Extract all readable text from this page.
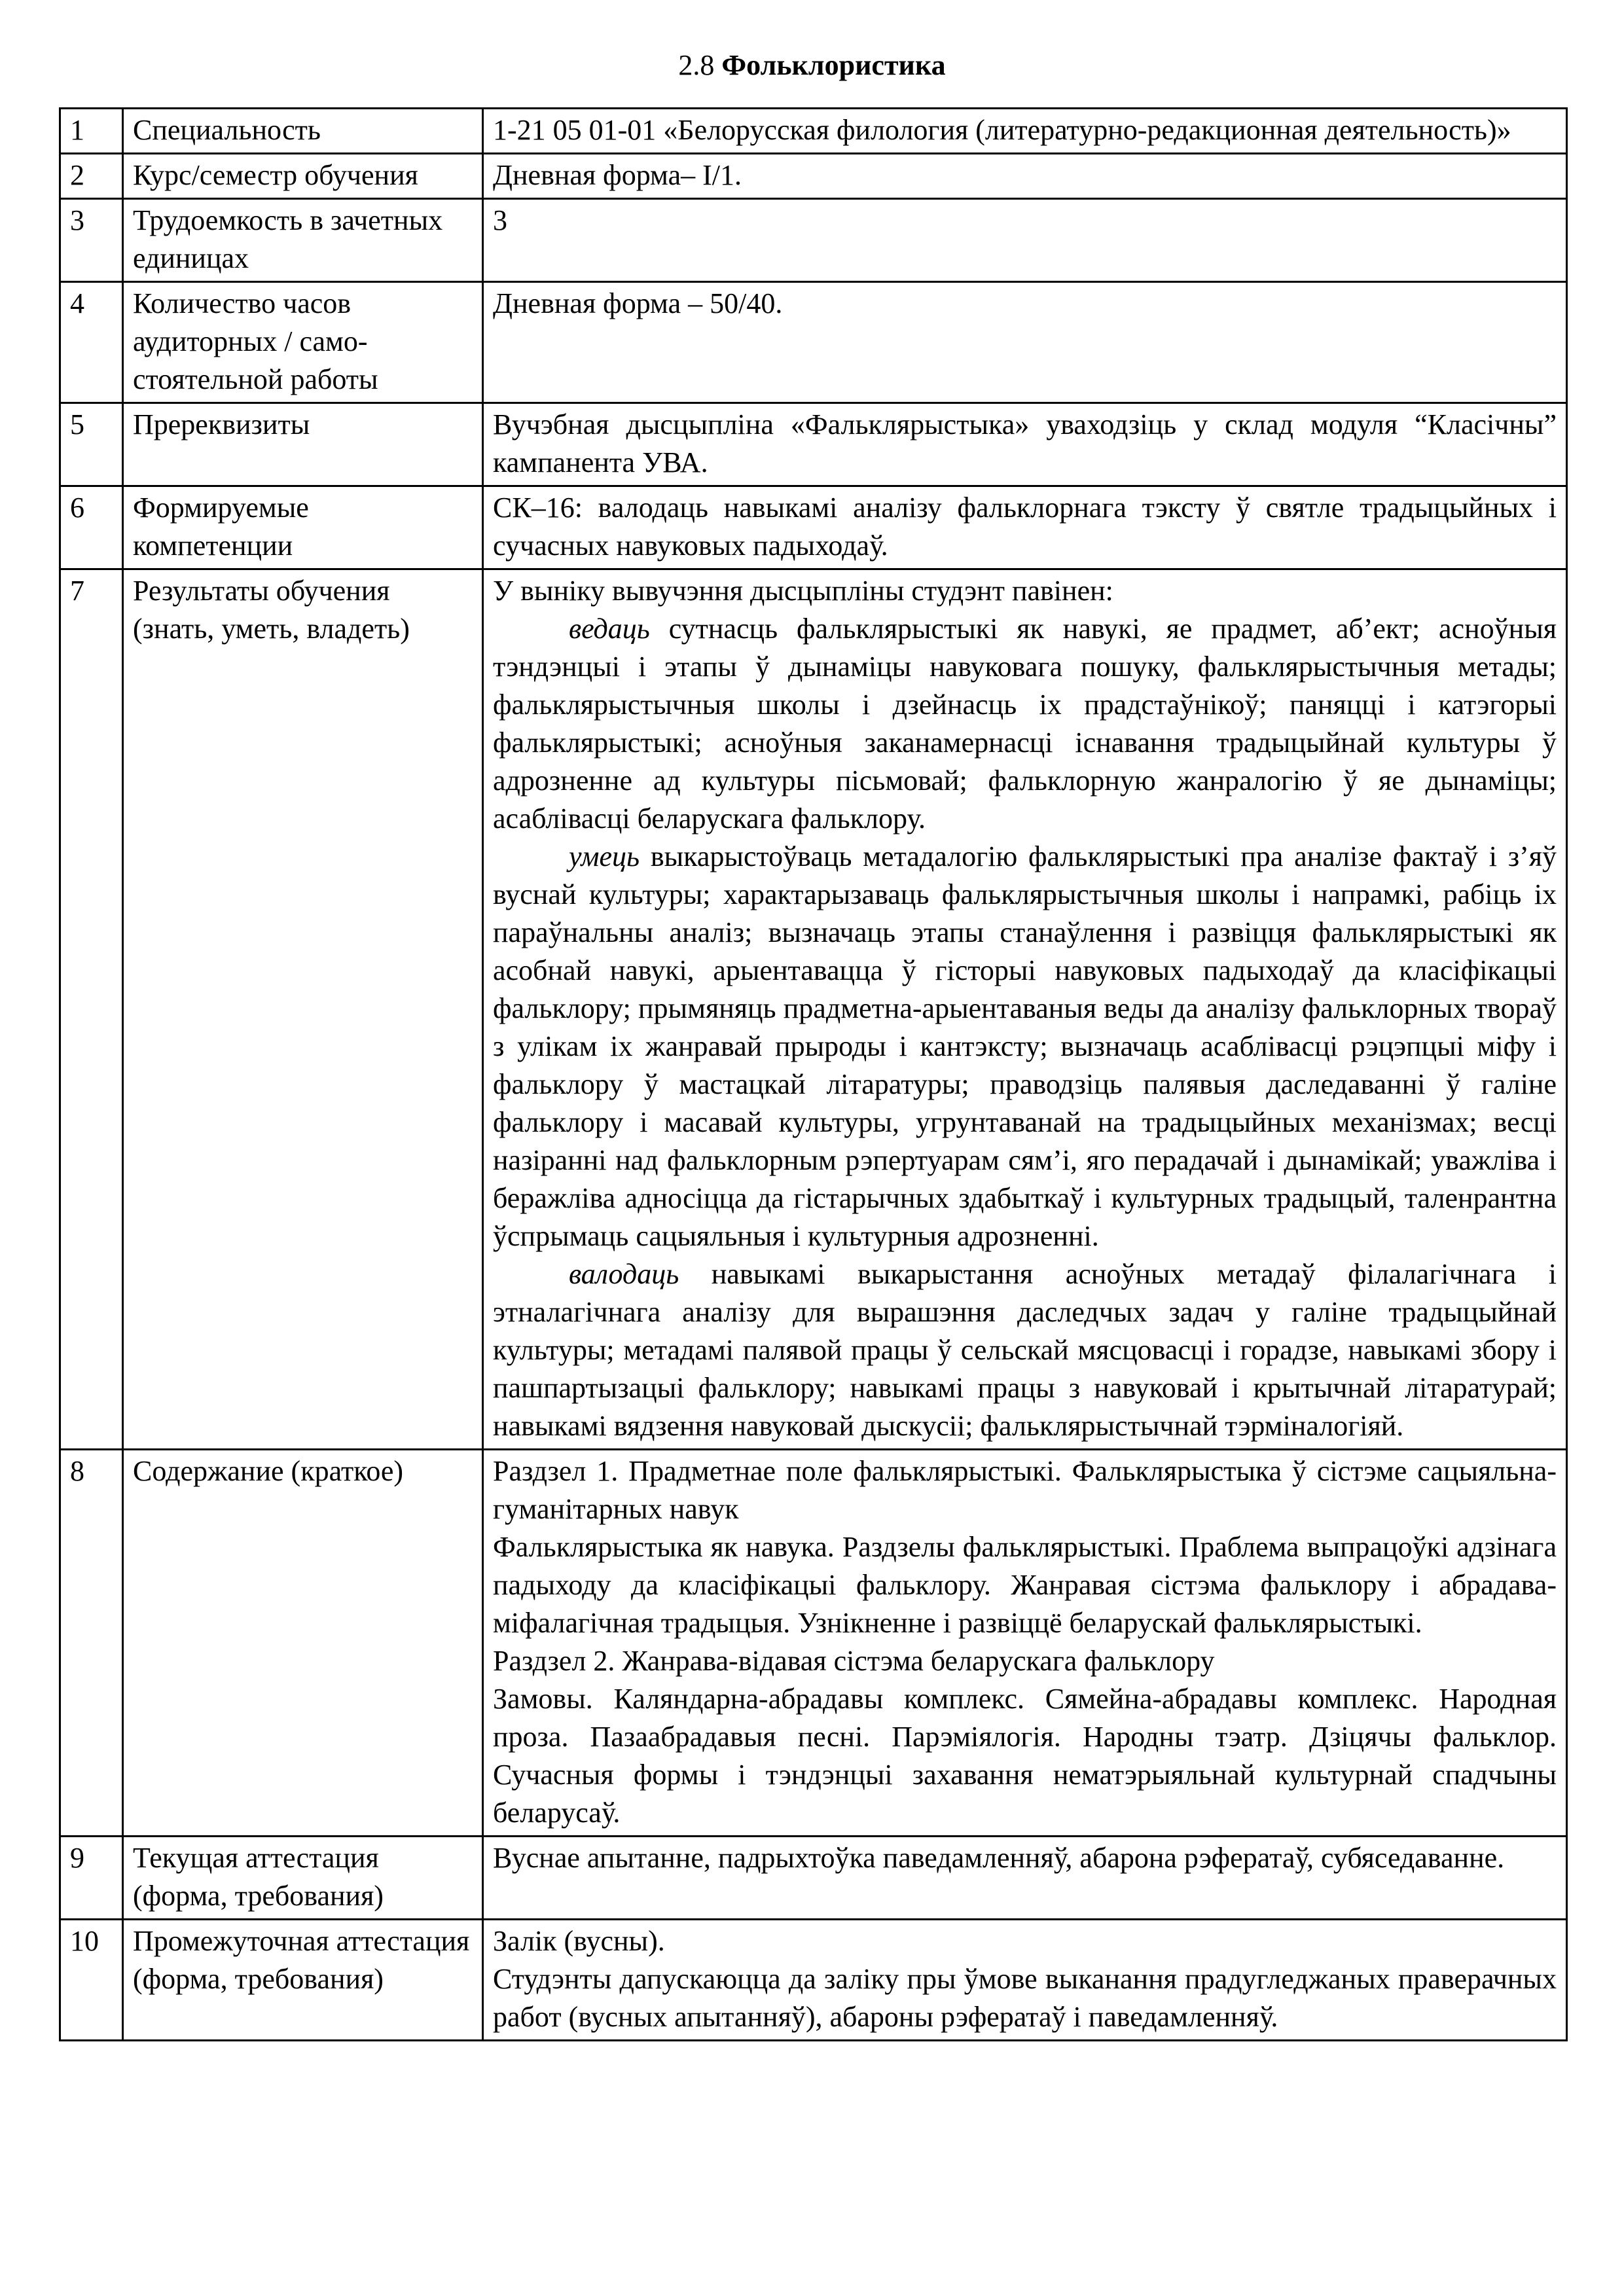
2.8 Фольклористика
1	Специальность	1-21 05 01-01 «Белорусская филология (литературно-редакционная деятельность)»
2	Курс/семестр обучения	Дневная форма– I/1.
3	Трудоемкость в зачетных единицах	3
4	Количество часов аудиторных / само-стоятельной работы	Дневная форма – 50/40.
5	Пререквизиты	Вучэбная дысцыпліна «Фальклярыстыка» уваходзіць у склад модуля “Класічны” кампанента УВА.
6	Формируемые компетенции	СК–16: валодаць навыкамі аналізу фальклорнага тэксту ў святле традыцыйных і сучасных навуковых падыходаў.
7	Результаты обучения (знать, уметь, владеть)	У выніку вывучэння дысцыпліны студэнт павінен:
ведаць сутнасць фальклярыстыкі як навукі, яе прадмет, аб’ект; асноўныя тэндэнцыі і этапы ў дынаміцы навуковага пошуку, фальклярыстычныя метады; фальклярыстычныя школы і дзейнасць іх прадстаўнікоў; паняцці і катэгорыі фальклярыстыкі; асноўныя заканамернасці існавання традыцыйнай культуры ў адрозненне ад культуры пісьмовай; фальклорную жанралогію ў яе дынаміцы; асаблівасці беларускага фальклору.
умець выкарыстоўваць метадалогію фальклярыстыкі пра аналізе фактаў і з’яў вуснай культуры; характарызаваць фальклярыстычныя школы і напрамкі, рабіць іх параўнальны аналіз; вызначаць этапы станаўлення і развіцця фальклярыстыкі як асобнай навукі, арыентавацца ў гісторыі навуковых падыходаў да класіфікацыі фальклору; прымяняць прадметна-арыентаваныя веды да аналізу фальклорных твораў з улікам іх жанравай прыроды і кантэксту; вызначаць асаблівасці рэцэпцыі міфу і фальклору ў мастацкай літаратуры; праводзіць палявыя даследаванні ў галіне фальклору і масавай культуры, угрунтаванай на традыцыйных механізмах; весці назіранні над фальклорным рэпертуарам сям’і, яго перадачай і дынамікай; уважліва і беражліва адносіцца да гістарычных здабыткаў і культурных традыцый, таленрантна ўспрымаць сацыяльныя і культурныя адрозненні.
валодаць навыкамі выкарыстання асноўных метадаў філалагічнага і этналагічнага аналізу для вырашэння даследчых задач у галіне традыцыйнай культуры; метадамі палявой працы ў сельскай мясцовасці і горадзе, навыкамі збору і пашпартызацыі фальклору; навыкамі працы з навуковай і крытычнай літаратурай; навыкамі вядзення навуковай дыскусіі; фальклярыстычнай тэрміналогіяй.

8	Содержание (краткое)	Раздзел 1. Прадметнае поле фальклярыстыкі. Фальклярыстыка ў сістэме сацыяльна-гуманітарных навук
Фальклярыстыка як навука. Раздзелы фальклярыстыкі. Праблема выпрацоўкі адзінага падыходу да класіфікацыі фальклору. Жанравая сістэма фальклору і абрадава-міфалагічная традыцыя. Узнікненне і развіццё беларускай фальклярыстыкі.
Раздзел 2. Жанрава-відавая сістэма беларускага фальклору
Замовы. Каляндарна-абрадавы комплекс. Сямейна-абрадавы комплекс. Народная проза. Пазаабрадавыя песні. Парэміялогія. Народны тэатр. Дзіцячы фальклор. Сучасныя формы і тэндэнцыі захавання нематэрыяльнай культурнай спадчыны беларусаў.

9	Текущая аттестация (форма, требования)	Вуснае апытанне, падрыхтоўка паведамленняў, абарона рэфератаў, субяседаванне.
10	Промежуточная аттестация (форма, требования)	Залік (вусны).
Студэнты дапускаюцца да заліку пры ўмове выканання прадугледжаных праверачных работ (вусных апытанняў), абароны рэфератаў і паведамленняў.
